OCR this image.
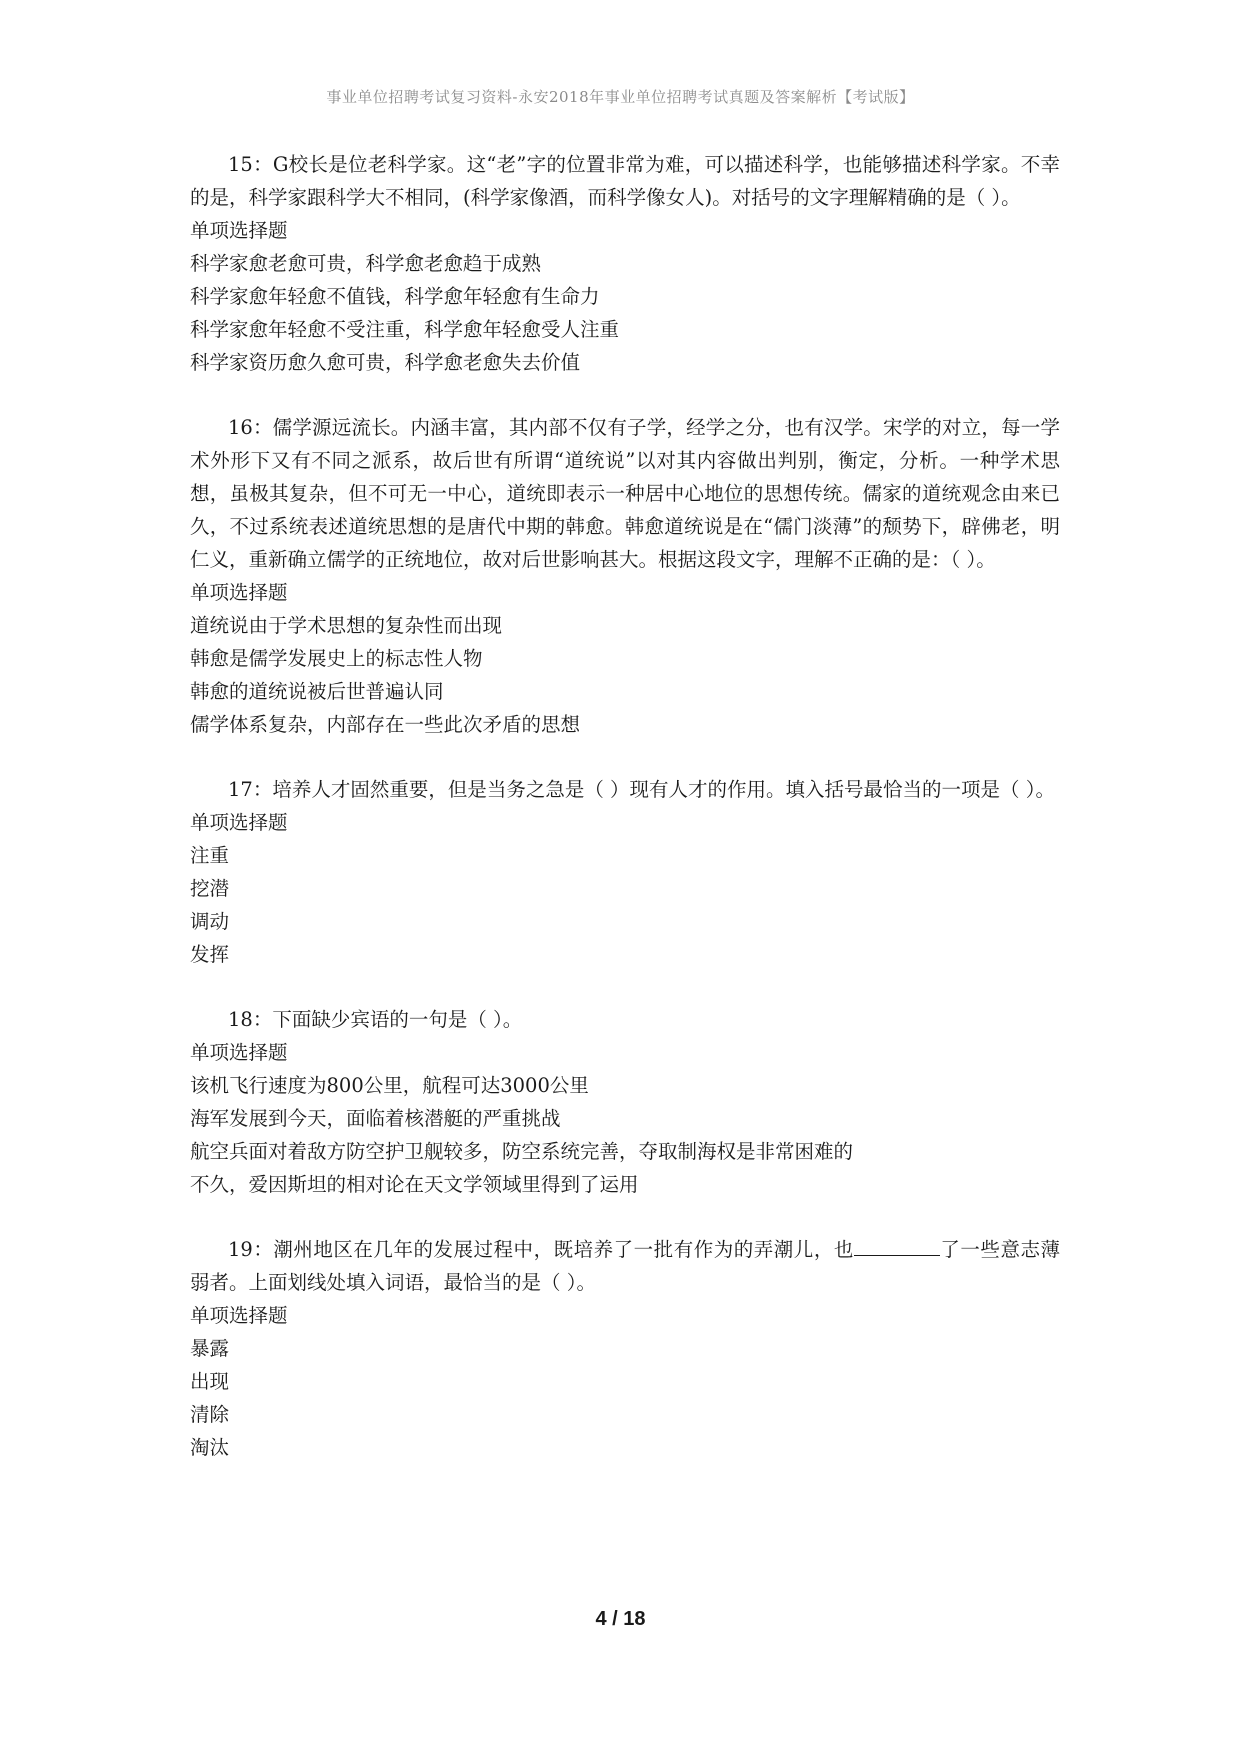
事业单位招聘考试复习资料-永安2018年事业单位招聘考试真题及答案解析【考试版】

15：G校长是位老科学家。这“老”字的位置非常为难，可以描述科学，也能够描述科学家。不幸的是，科学家跟科学大不相同，(科学家像酒，而科学像女人)。对括号的文字理解精确的是（ ）。

单项选择题

科学家愈老愈可贵，科学愈老愈趋于成熟

科学家愈年轻愈不值钱，科学愈年轻愈有生命力

科学家愈年轻愈不受注重，科学愈年轻愈受人注重

科学家资历愈久愈可贵，科学愈老愈失去价值

16：儒学源远流长。内涵丰富，其内部不仅有子学，经学之分，也有汉学。宋学的对立，每一学术外形下又有不同之派系，故后世有所谓“道统说”以对其内容做出判别，衡定，分析。一种学术思想，虽极其复杂，但不可无一中心，道统即表示一种居中心地位的思想传统。儒家的道统观念由来已久，不过系统表述道统思想的是唐代中期的韩愈。韩愈道统说是在“儒门淡薄”的颓势下，辟佛老，明仁义，重新确立儒学的正统地位，故对后世影响甚大。根据这段文字，理解不正确的是：（ ）。

单项选择题

道统说由于学术思想的复杂性而出现

韩愈是儒学发展史上的标志性人物

韩愈的道统说被后世普遍认同

儒学体系复杂，内部存在一些此次矛盾的思想

17：培养人才固然重要，但是当务之急是（ ）现有人才的作用。填入括号最恰当的一项是（ ）。

单项选择题

注重

挖潜

调动

发挥

18：下面缺少宾语的一句是（ ）。

单项选择题

该机飞行速度为800公里，航程可达3000公里

海军发展到今天，面临着核潜艇的严重挑战

航空兵面对着敌方防空护卫舰较多，防空系统完善，夺取制海权是非常困难的

不久，爱因斯坦的相对论在天文学领域里得到了运用

19：潮州地区在几年的发展过程中，既培养了一批有作为的弄潮儿，也	了一些意志薄弱者。上面划线处填入词语，最恰当的是（ ）。

单项选择题

暴露

出现

清除

淘汰

4 / 18
